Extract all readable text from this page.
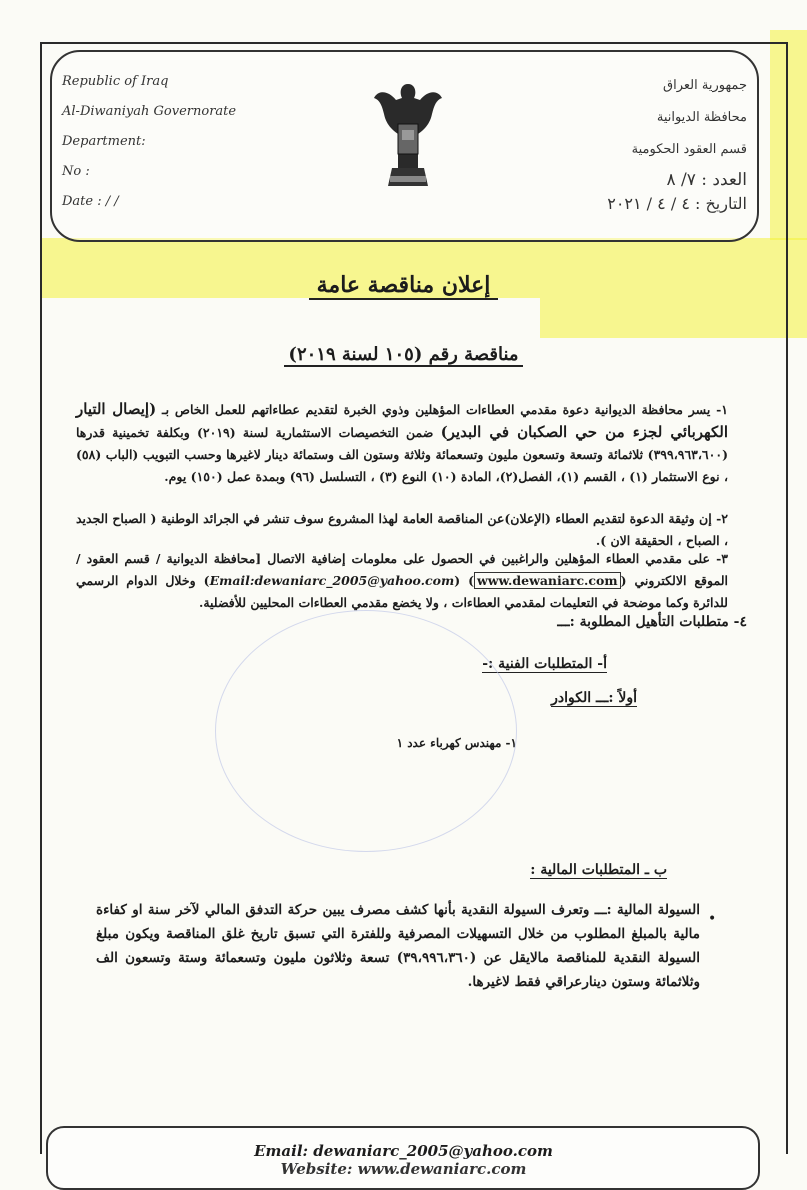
Republic of Iraq
Al-Diwaniyah Governorate
Department:
No :
Date : / /
جمهورية العراق
محافظة الديوانية
قسم العقود الحكومية
العدد : ٧/ ٨
التاريخ : ٤ / ٤ / ٢٠٢١
إعلان مناقصة عامة
مناقصة رقم (١٠٥ لسنة ٢٠١٩)
١- يسر محافظة الديوانية دعوة مقدمي العطاءات المؤهلين وذوي الخبرة لتقديم عطاءاتهم للعمل الخاص بـ (إيصال التيار الكهربائي لجزء من حي الصكبان في البدير) ضمن التخصيصات الاستثمارية لسنة (٢٠١٩) وبكلفة تخمينية قدرها (٣٩٩،٩٦٣،٦٠٠) ثلاثمائة وتسعة وتسعون مليون وتسعمائة وثلاثة وستون الف وستمائة دينار لاغيرها وحسب التبويب (الباب (٥٨) ، نوع الاستثمار (١) ، القسم (١)، الفصل(٢)، المادة (١٠) النوع (٣) ، التسلسل (٩٦) وبمدة عمل (١٥٠) يوم.
٢- إن وثيقة الدعوة لتقديم العطاء (الإعلان)عن المناقصة العامة لهذا المشروع سوف تنشر في الجرائد الوطنية ( الصباح الجديد ، الصباح ، الحقيقة الان ).
٣- على مقدمي العطاء المؤهلين والراغبين في الحصول على معلومات إضافية الاتصال [محافظة الديوانية / قسم العقود / الموقع الالكتروني (www.dewaniarc.com) (Email:dewaniarc_2005@yahoo.com) وخلال الدوام الرسمي للدائرة وكما موضحة في التعليمات لمقدمي العطاءات ، ولا يخضع مقدمي العطاءات المحليين للأفضلية.
٤- متطلبات التأهيل المطلوبة :ـــ
أ- المتطلبات الفنية :-
أولاً :ـــ الكوادر
١- مهندس كهرباء عدد ١
ب ـ المتطلبات المالية :
•
السيولة المالية :ـــ وتعرف السيولة النقدية بأنها كشف مصرف يبين حركة التدفق المالي لآخر سنة او كفاءة مالية بالمبلغ المطلوب من خلال التسهيلات المصرفية وللفترة التي تسبق تاريخ غلق المناقصة ويكون مبلغ السيولة النقدية للمناقصة مالايقل عن (٣٩،٩٩٦،٣٦٠) تسعة وثلاثون مليون وتسعمائة وستة وتسعون الف وثلاثمائة وستون دينارعراقي فقط لاغيرها.
Email: dewaniarc_2005@yahoo.com
Website: www.dewaniarc.com
